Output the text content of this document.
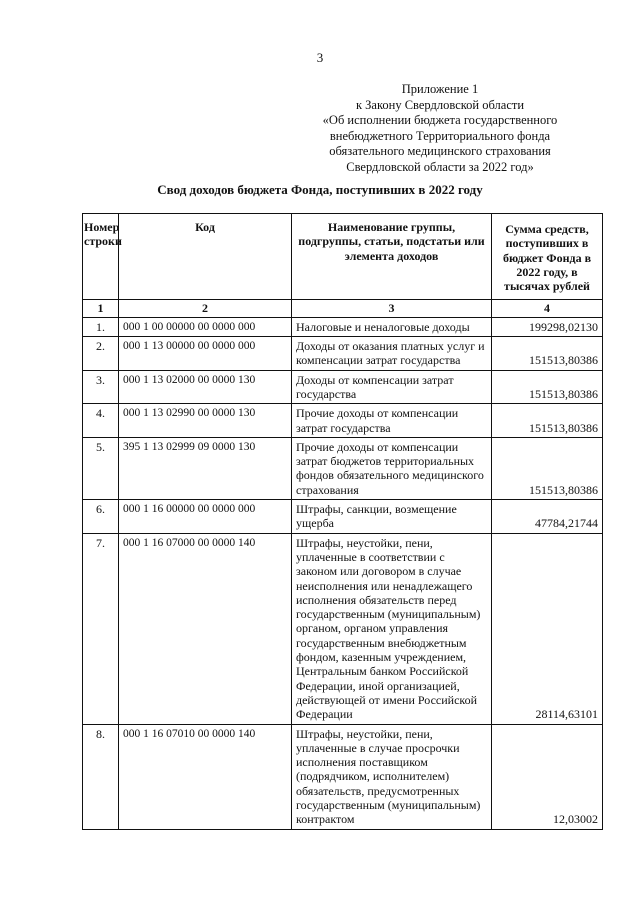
3
Приложение 1
к Закону Свердловской области
«Об исполнении бюджета государственного
внебюджетного Территориального фонда
обязательного медицинского страхования
Свердловской области за 2022 год»
Свод доходов бюджета Фонда, поступивших в 2022 году
Номер строки	Код	Наименование группы, подгруппы, статьи, подстатьи или элемента доходов	Сумма средств, поступивших в бюджет Фонда в 2022 году, в тысячах рублей
1	2	3	4
1.	000 1 00 00000 00 0000 000	Налоговые и неналоговые доходы	199298,02130
2.	000 1 13 00000 00 0000 000	Доходы от оказания платных услуг и компенсации затрат государства	151513,80386
3.	000 1 13 02000 00 0000 130	Доходы от компенсации затрат государства	151513,80386
4.	000 1 13 02990 00 0000 130	Прочие доходы от компенсации затрат государства	151513,80386
5.	395 1 13 02999 09 0000 130	Прочие доходы от компенсации затрат бюджетов территориальных фондов обязательного медицинского страхования	151513,80386
6.	000 1 16 00000 00 0000 000	Штрафы, санкции, возмещение ущерба	47784,21744
7.	000 1 16 07000 00 0000 140	Штрафы, неустойки, пени, уплаченные в соответствии с законом или договором в случае неисполнения или ненадлежащего исполнения обязательств перед государственным (муниципальным) органом, органом управления государственным внебюджетным фондом, казенным учреждением, Центральным банком Российской Федерации, иной организацией, действующей от имени Российской Федерации	28114,63101
8.	000 1 16 07010 00 0000 140	Штрафы, неустойки, пени, уплаченные в случае просрочки исполнения поставщиком (подрядчиком, исполнителем) обязательств, предусмотренных государственным (муниципальным) контрактом	12,03002
